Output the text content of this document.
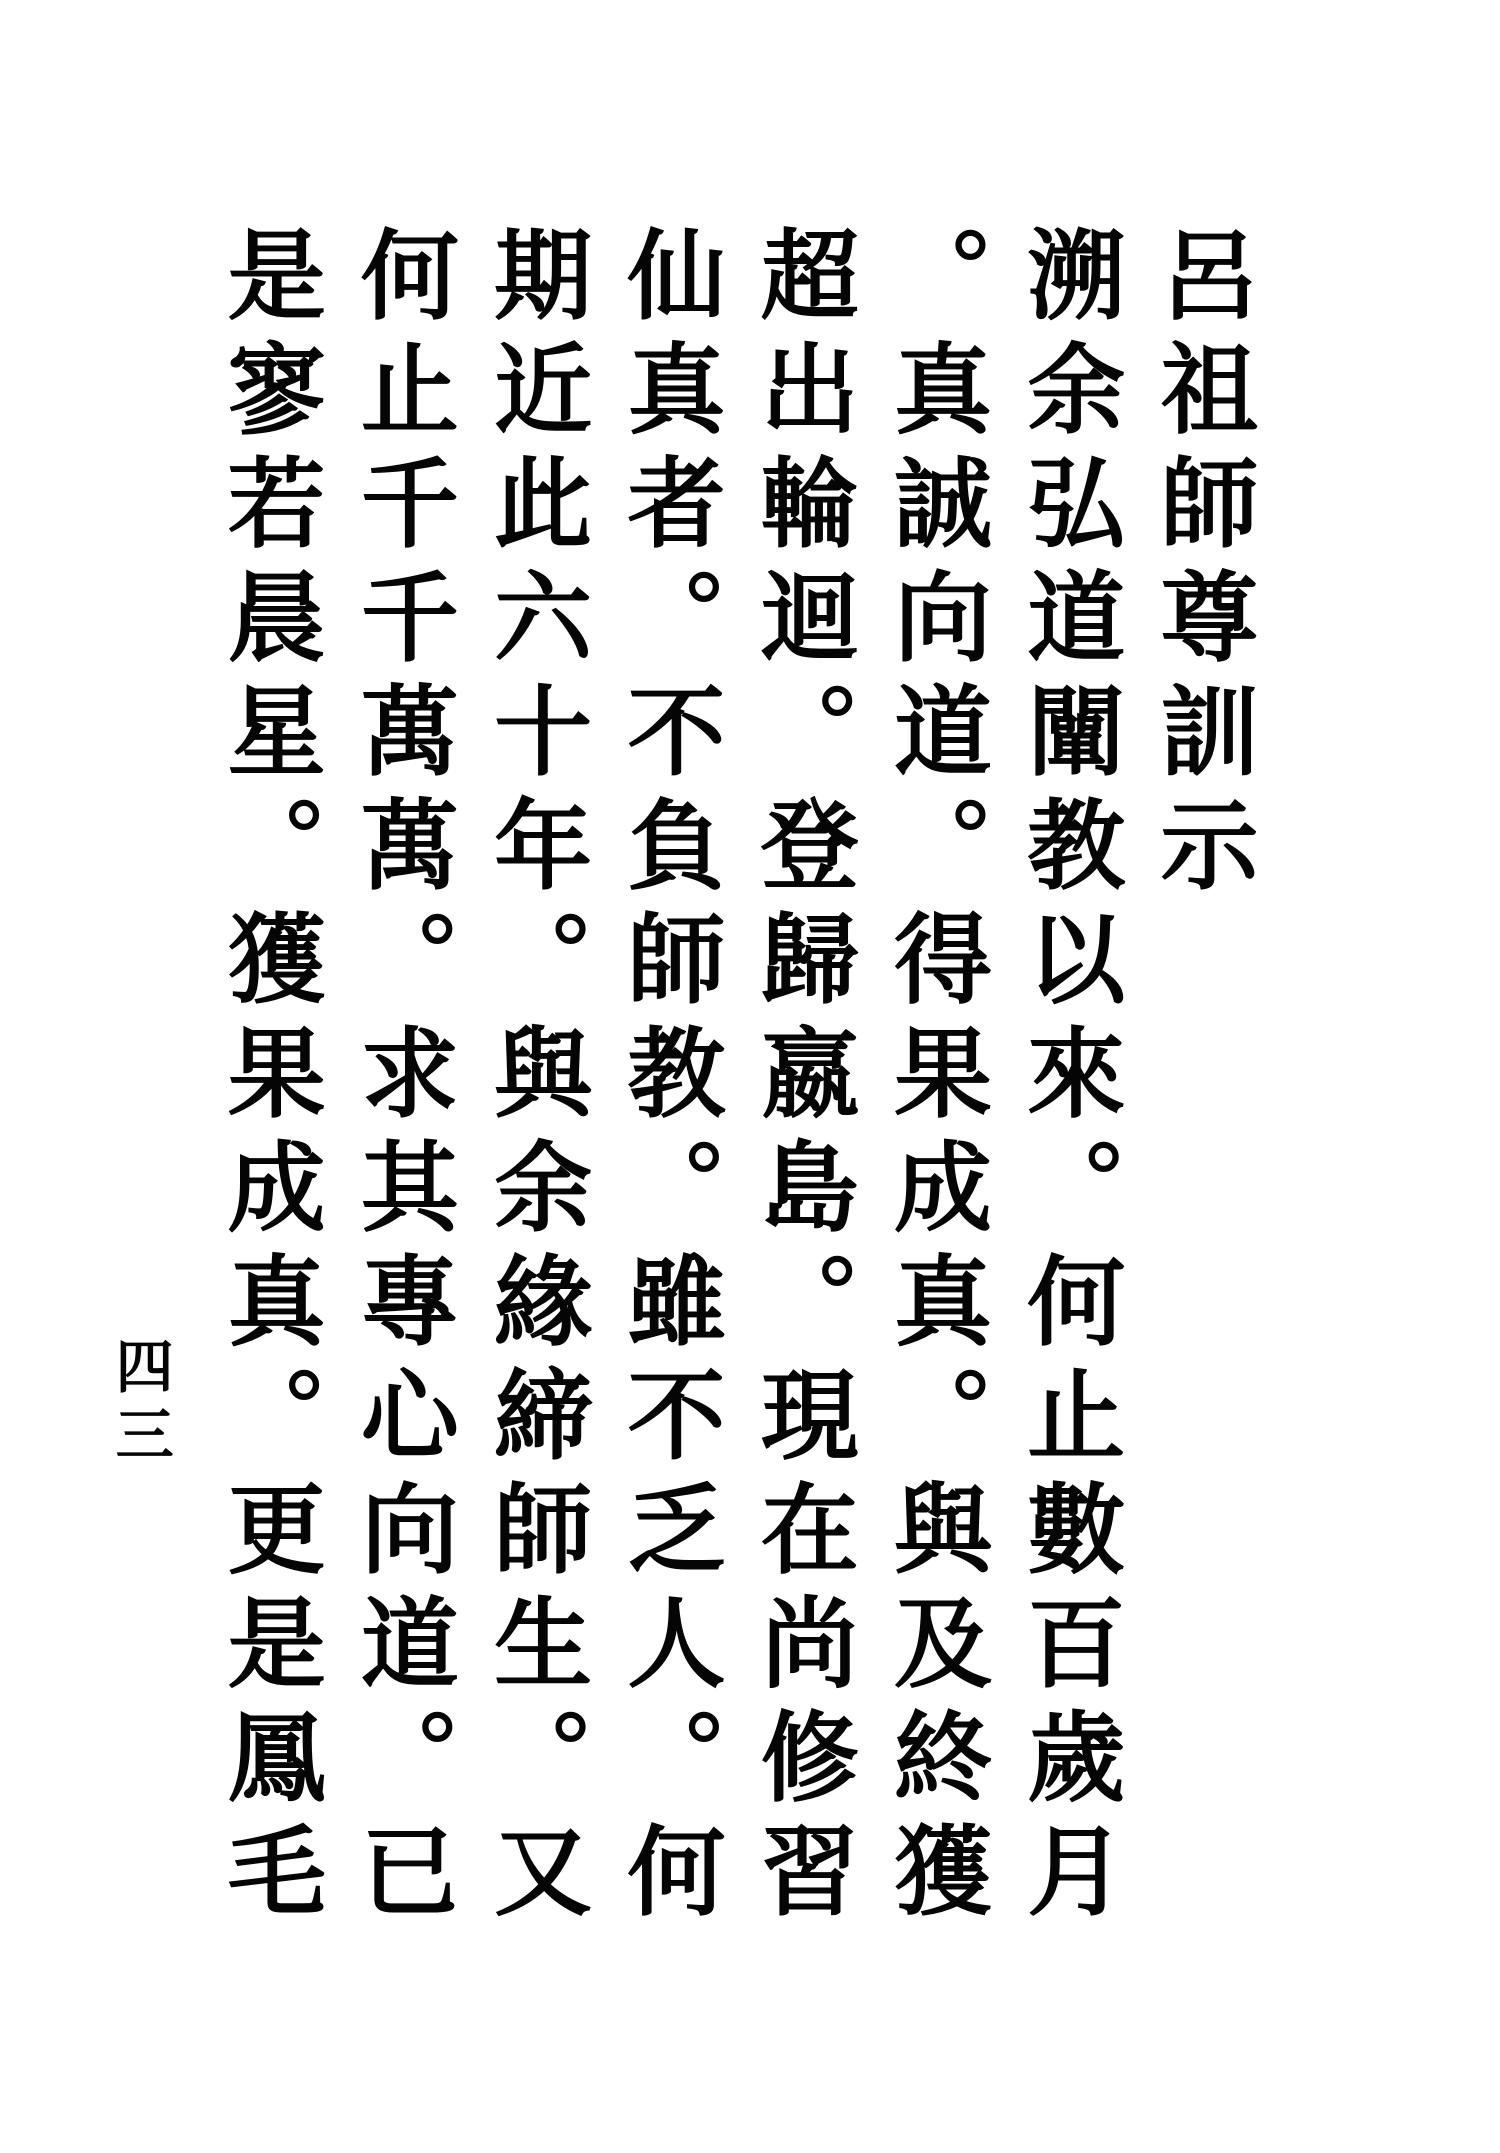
呂祖師尊訓示
溯余弘道闡教以來。何止數百歲月
。真誠向道。得果成真。與及終獲
超出輪迴。登歸嬴島。現在尚修習
仙真者。不負師教。雖不乏人。何
期近此六十年。與余緣締師生。又
何止千千萬萬。求其專心向道。已
是寥若晨星。獲果成真。更是鳳毛
四三
